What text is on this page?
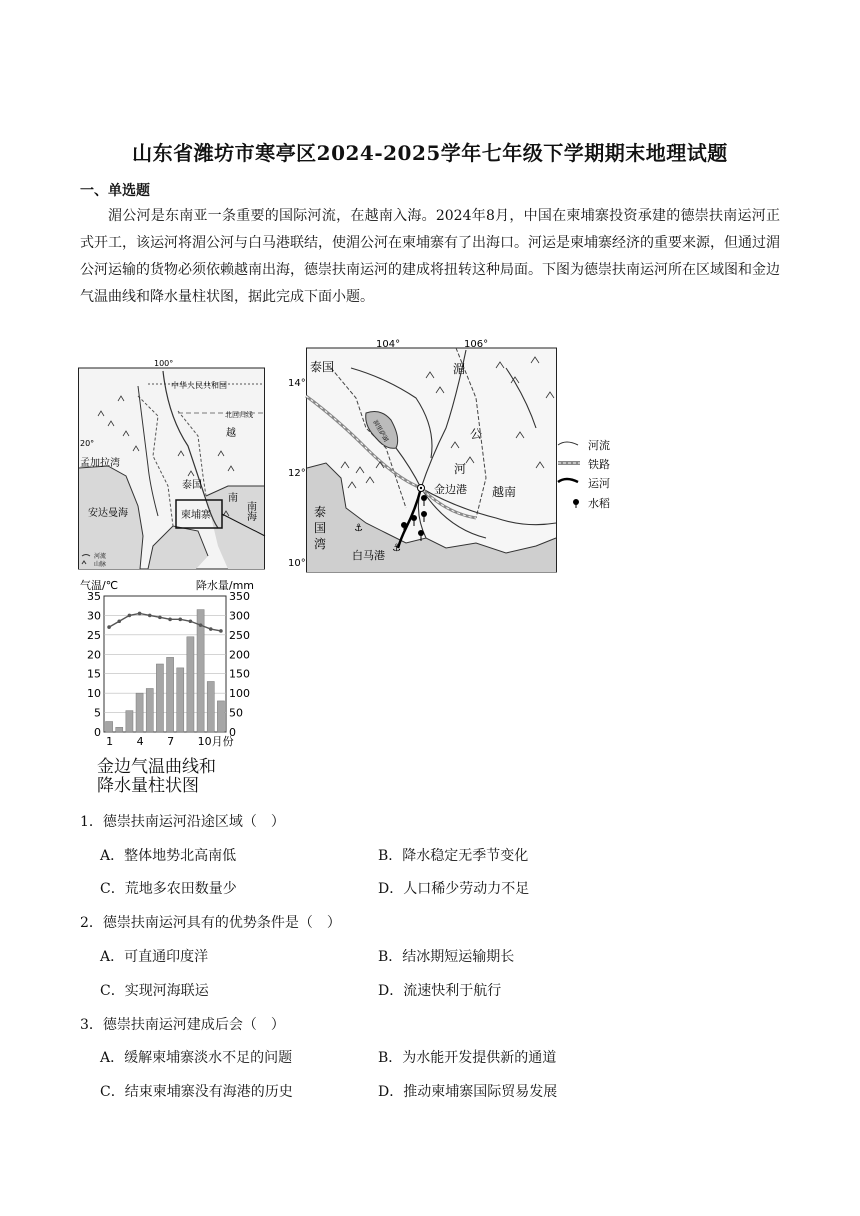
山东省潍坊市寒亭区2024-2025学年七年级下学期期末地理试题
一、单选题
湄公河是东南亚一条重要的国际河流，在越南入海。2024年8月，中国在柬埔寨投资承建的德崇扶南运河正式开工，该运河将湄公河与白马港联结，使湄公河在柬埔寨有了出海口。河运是柬埔寨经济的重要来源，但通过湄公河运输的货物必须依赖越南出海，德崇扶南运河的建成将扭转这种局面。下图为德崇扶南运河所在区域图和金边气温曲线和降水量柱状图，据此完成下面小题。
100°
中华人民共和国
北回归线
20°
孟加拉湾
越
泰国
安达曼海	柬埔寨
南
南海
河流
山脉
⚓
⚓
104°	106°
14°
12°
10°
泰国	湄
公
河
金边港 越南
泰
国
湾
白马港
洞里萨湖
河流
铁路
运河
水稻
气温/℃	降水量/mm
0
5
10
15
20
25
30
35
0
50
100
150
200
250
300
350
1 4 7 10月份
金边气温曲线和
降水量柱状图
1．德崇扶南运河沿途区域（　）
A．整体地势北高南低	B．降水稳定无季节变化
C．荒地多农田数量少	D．人口稀少劳动力不足
2．德崇扶南运河具有的优势条件是（　）
A．可直通印度洋	B．结冰期短运输期长
C．实现河海联运	D．流速快利于航行
3．德崇扶南运河建成后会（　）
A．缓解柬埔寨淡水不足的问题	B．为水能开发提供新的通道
C．结束柬埔寨没有海港的历史	D．推动柬埔寨国际贸易发展
